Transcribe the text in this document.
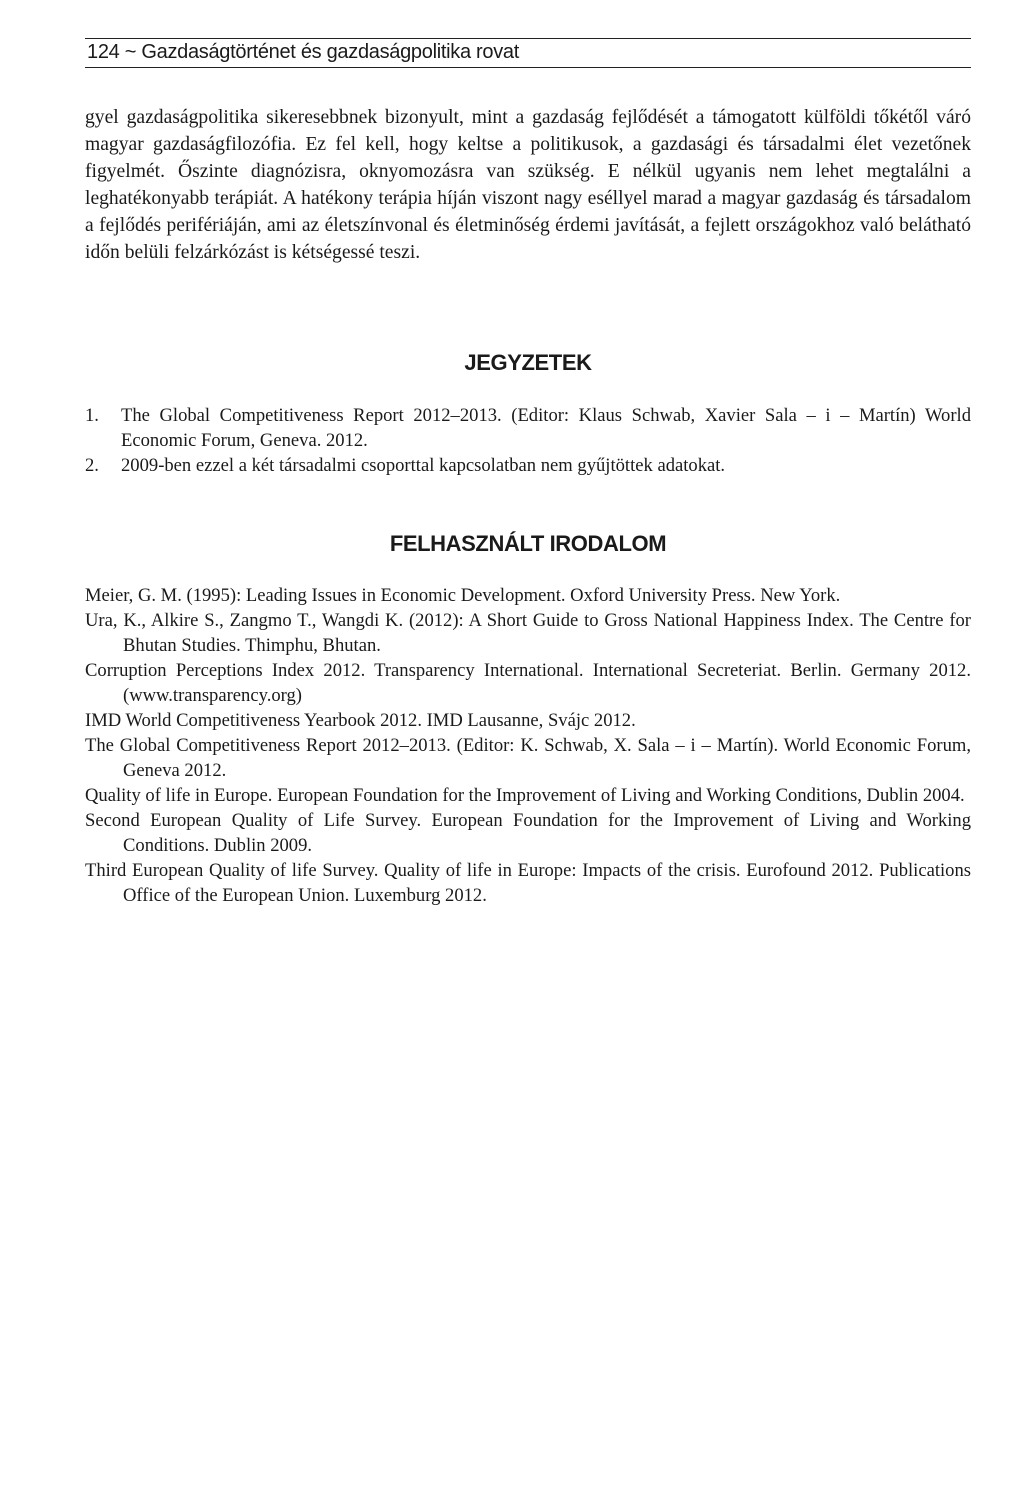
124 ~ Gazdaságtörténet és gazdaságpolitika rovat

gyel gazdaságpolitika sikeresebbnek bizonyult, mint a gazdaság fejlődését a támogatott külföldi tőkétől váró magyar gazdaságfilozófia. Ez fel kell, hogy keltse a politikusok, a gazdasági és társadalmi élet vezetőnek figyelmét. Őszinte diagnózisra, oknyomozásra van szükség. E nélkül ugyanis nem lehet megtalálni a leghatékonyabb terápiát. A hatékony terápia híján viszont nagy eséllyel marad a magyar gazdaság és társadalom a fejlődés perifériáján, ami az életszínvonal és életminőség érdemi javítását, a fejlett országokhoz való belátható időn belüli felzárkózást is kétségessé teszi.

JEGYZETEK
1. The Global Competitiveness Report 2012–2013. (Editor: Klaus Schwab, Xavier Sala – i – Martín) World Economic Forum, Geneva. 2012.
2. 2009-ben ezzel a két társadalmi csoporttal kapcsolatban nem gyűjtöttek adatokat.
FELHASZNÁLT IRODALOM
Meier, G. M. (1995): Leading Issues in Economic Development. Oxford University Press. New York.
Ura, K., Alkire S., Zangmo T., Wangdi K. (2012): A Short Guide to Gross National Happiness Index. The Centre for Bhutan Studies. Thimphu, Bhutan.
Corruption Perceptions Index 2012. Transparency International. International Secreteriat. Berlin. Germany 2012. (www.transparency.org)
IMD World Competitiveness Yearbook 2012. IMD Lausanne, Svájc 2012.
The Global Competitiveness Report 2012–2013. (Editor: K. Schwab, X. Sala – i – Martín). World Economic Forum, Geneva 2012.
Quality of life in Europe. European Foundation for the Improvement of Living and Working Conditions, Dublin 2004.
Second European Quality of Life Survey. European Foundation for the Improvement of Living and Working Conditions. Dublin 2009.
Third European Quality of life Survey. Quality of life in Europe: Impacts of the crisis. Eurofound 2012. Publications Office of the European Union. Luxemburg 2012.
